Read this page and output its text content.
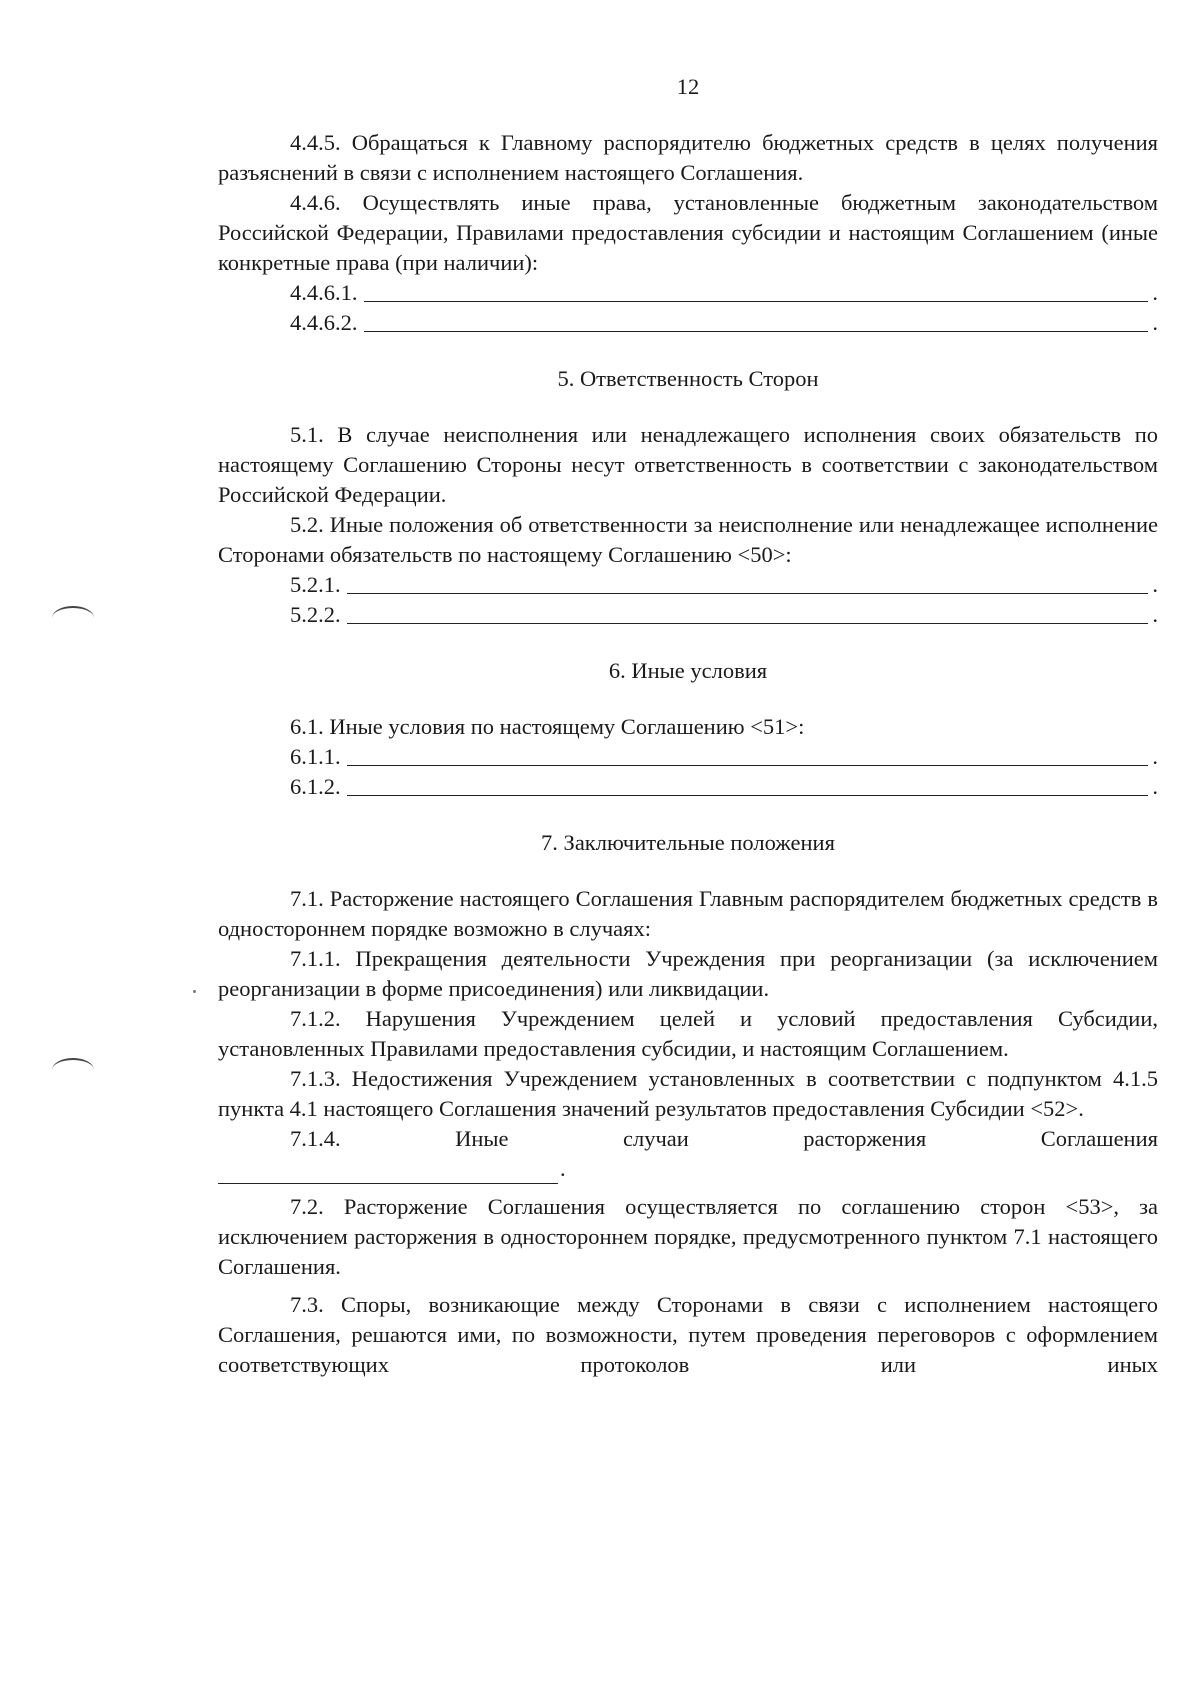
12

4.4.5. Обращаться к Главному распорядителю бюджетных средств в целях получения разъяснений в связи с исполнением настоящего Соглашения.

4.4.6. Осуществлять иные права, установленные бюджетным законодательством Российской Федерации, Правилами предоставления субсидии и настоящим Соглашением (иные конкретные права (при наличии):

4.4.6.1.	.
4.4.6.2.	.
5. Ответственность Сторон

5.1. В случае неисполнения или ненадлежащего исполнения своих обязательств по настоящему Соглашению Стороны несут ответственность в соответствии с законодательством Российской Федерации.

5.2. Иные положения об ответственности за неисполнение или ненадлежащее исполнение Сторонами обязательств по настоящему Соглашению <50>:

5.2.1.	.
5.2.2.	.
6. Иные условия

6.1. Иные условия по настоящему Соглашению <51>:

6.1.1.	.
6.1.2.	.
7. Заключительные положения

7.1. Расторжение настоящего Соглашения Главным распорядителем бюджетных средств в одностороннем порядке возможно в случаях:

7.1.1. Прекращения деятельности Учреждения при реорганизации (за исключением реорганизации в форме присоединения) или ликвидации.

7.1.2. Нарушения Учреждением целей и условий предоставления Субсидии, установленных Правилами предоставления субсидии, и настоящим Соглашением.

7.1.3. Недостижения Учреждением установленных в соответствии с подпунктом 4.1.5 пункта 4.1 настоящего Соглашения значений результатов предоставления Субсидии <52>.

7.1.4. Иные случаи расторжения Соглашения

.

7.2. Расторжение Соглашения осуществляется по соглашению сторон <53>, за исключением расторжения в одностороннем порядке, предусмотренного пунктом 7.1 настоящего Соглашения.

7.3. Споры, возникающие между Сторонами в связи с исполнением настоящего Соглашения, решаются ими, по возможности, путем проведения переговоров с оформлением соответствующих протоколов или иных
